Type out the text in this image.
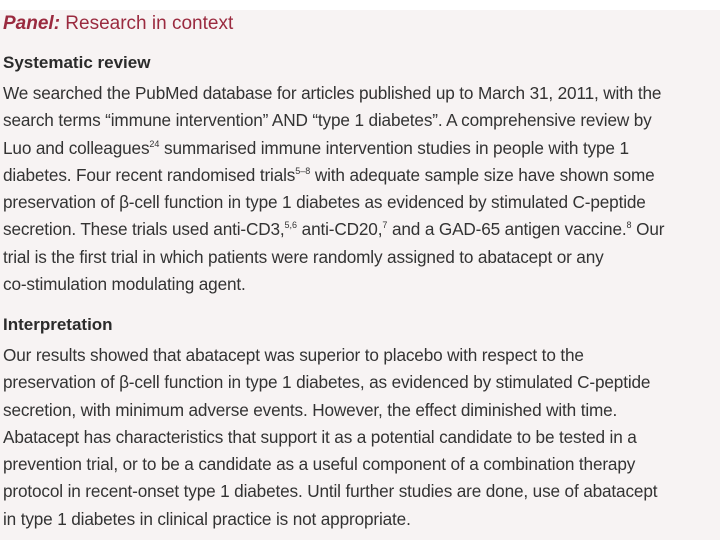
Panel: Research in context
Systematic review
We searched the PubMed database for articles published up to March 31, 2011, with the
search terms “immune intervention” AND “type 1 diabetes”. A comprehensive review by
Luo and colleagues$^{24}$ summarised immune intervention studies in people with type 1
diabetes. Four recent randomised trials$^{5-8}$ with adequate sample size have shown some
preservation of β-cell function in type 1 diabetes as evidenced by stimulated C-peptide
secretion. These trials used anti-CD3,$^{5,6}$ anti-CD20,$^7$ and a GAD-65 antigen vaccine.$^8$ Our
trial is the first trial in which patients were randomly assigned to abatacept or any
co-stimulation modulating agent.
Interpretation
Our results showed that abatacept was superior to placebo with respect to the
preservation of β-cell function in type 1 diabetes, as evidenced by stimulated C-peptide
secretion, with minimum adverse events. However, the effect diminished with time.
Abatacept has characteristics that support it as a potential candidate to be tested in a
prevention trial, or to be a candidate as a useful component of a combination therapy
protocol in recent-onset type 1 diabetes. Until further studies are done, use of abatacept
in type 1 diabetes in clinical practice is not appropriate.
